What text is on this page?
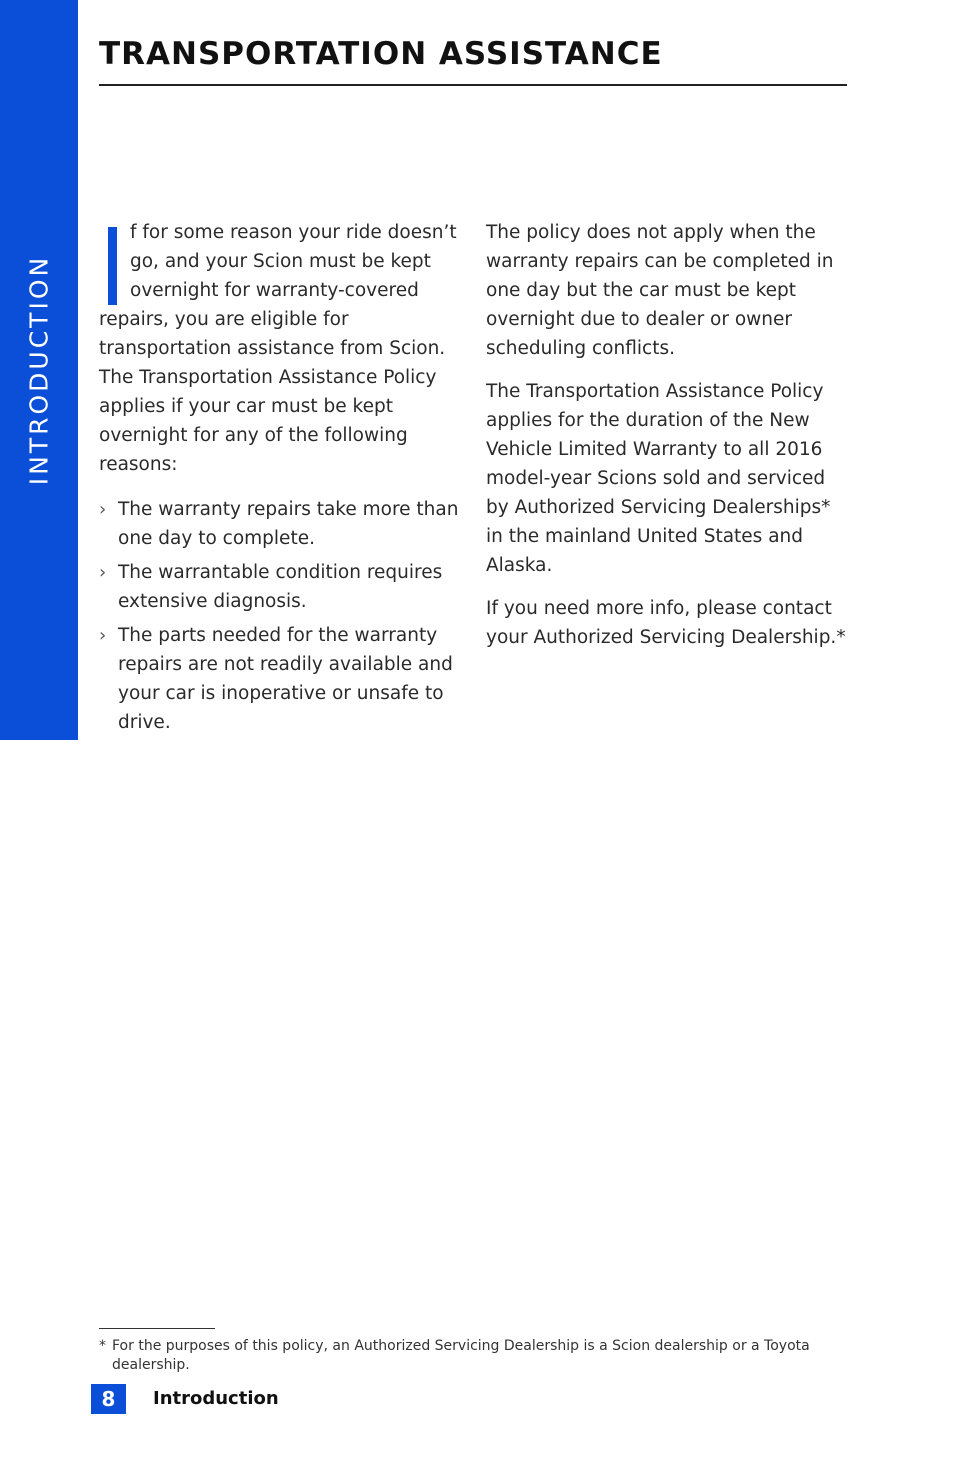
INTRODUCTION
TRANSPORTATION ASSISTANCE
f for some reason your ride doesn’t
go, and your Scion must be kept
overnight for warranty-covered
repairs, you are eligible for transportation assistance from Scion. The Transportation Assistance Policy applies if your car must be kept overnight for any of the following reasons:
› The warranty repairs take more than one day to complete.
› The warrantable condition requires extensive diagnosis.
› The parts needed for the warranty repairs are not readily available and your car is inoperative or unsafe to drive.

The policy does not apply when the warranty repairs can be completed in one day but the car must be kept overnight due to dealer or owner scheduling conflicts.

The Transportation Assistance Policy applies for the duration of the New Vehicle Limited Warranty to all 2016 model-year Scions sold and serviced by Authorized Servicing Dealerships* in the mainland United States and Alaska.

If you need more info, please contact your Authorized Servicing Dealership.*

* For the purposes of this policy, an Authorized Servicing Dealership is a Scion dealership or a Toyota dealership.
8	Introduction
